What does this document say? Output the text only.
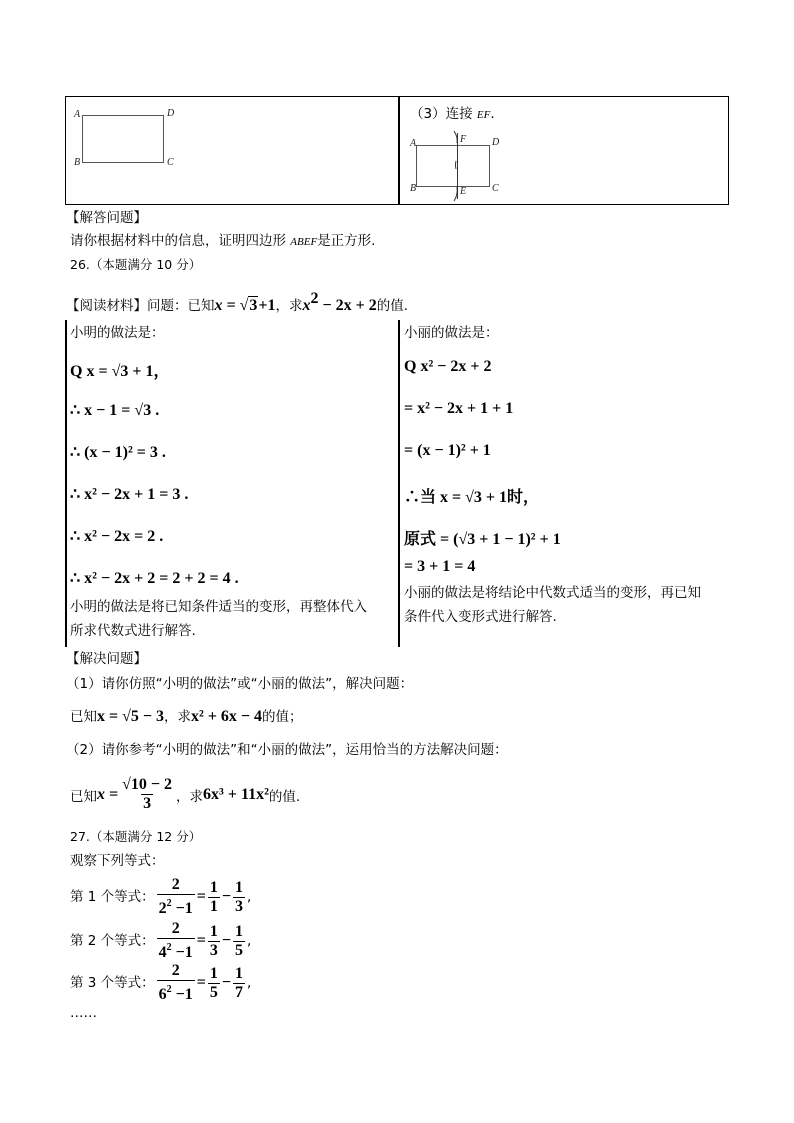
A	D
B	C
（3）连接 EF.
A	F	D
B	E	C
【解答问题】
请你根据材料中的信息，证明四边形 ABEF是正方形.
26.（本题满分 10 分）
【阅读材料】问题：已知x = √3+1，求$x^2 - 2x + 2$的值.
小明的做法是：
Q x = √3 + 1，
∴ x − 1 = √3 .
∴ (x − 1)² = 3 .
∴ x² − 2x + 1 = 3 .
∴ x² − 2x = 2 .
∴ x² − 2x + 2 = 2 + 2 = 4 .
小明的做法是将已知条件适当的变形，再整体代入
所求代数式进行解答.
小丽的做法是：
Q x² − 2x + 2
= x² − 2x + 1 + 1
= (x − 1)² + 1
∴当 x = √3 + 1时，
原式 = (√3 + 1 − 1)² + 1
= 3 + 1 = 4
小丽的做法是将结论中代数式适当的变形，再已知
条件代入变形式进行解答.
【解决问题】
（1）请你仿照“小明的做法”或“小丽的做法”，解决问题：
已知x = √5 − 3，求x² + 6x − 4的值；
（2）请你参考“小明的做法”和“小丽的做法”，运用恰当的方法解决问题：
已知 $x = \frac{√10 - 2}{3}$ ，求 6x³ + 11x² 的值.
27.（本题满分 12 分）
观察下列等式：
第 1 个等式： $\frac{2}{2^2 -1} = \frac{1}{1} - \frac{1}{3}$ ,
第 2 个等式： $\frac{2}{4^2 -1} = \frac{1}{3} - \frac{1}{5}$ ,
第 3 个等式： $\frac{2}{6^2 -1} = \frac{1}{5} - \frac{1}{7}$ ,
……
